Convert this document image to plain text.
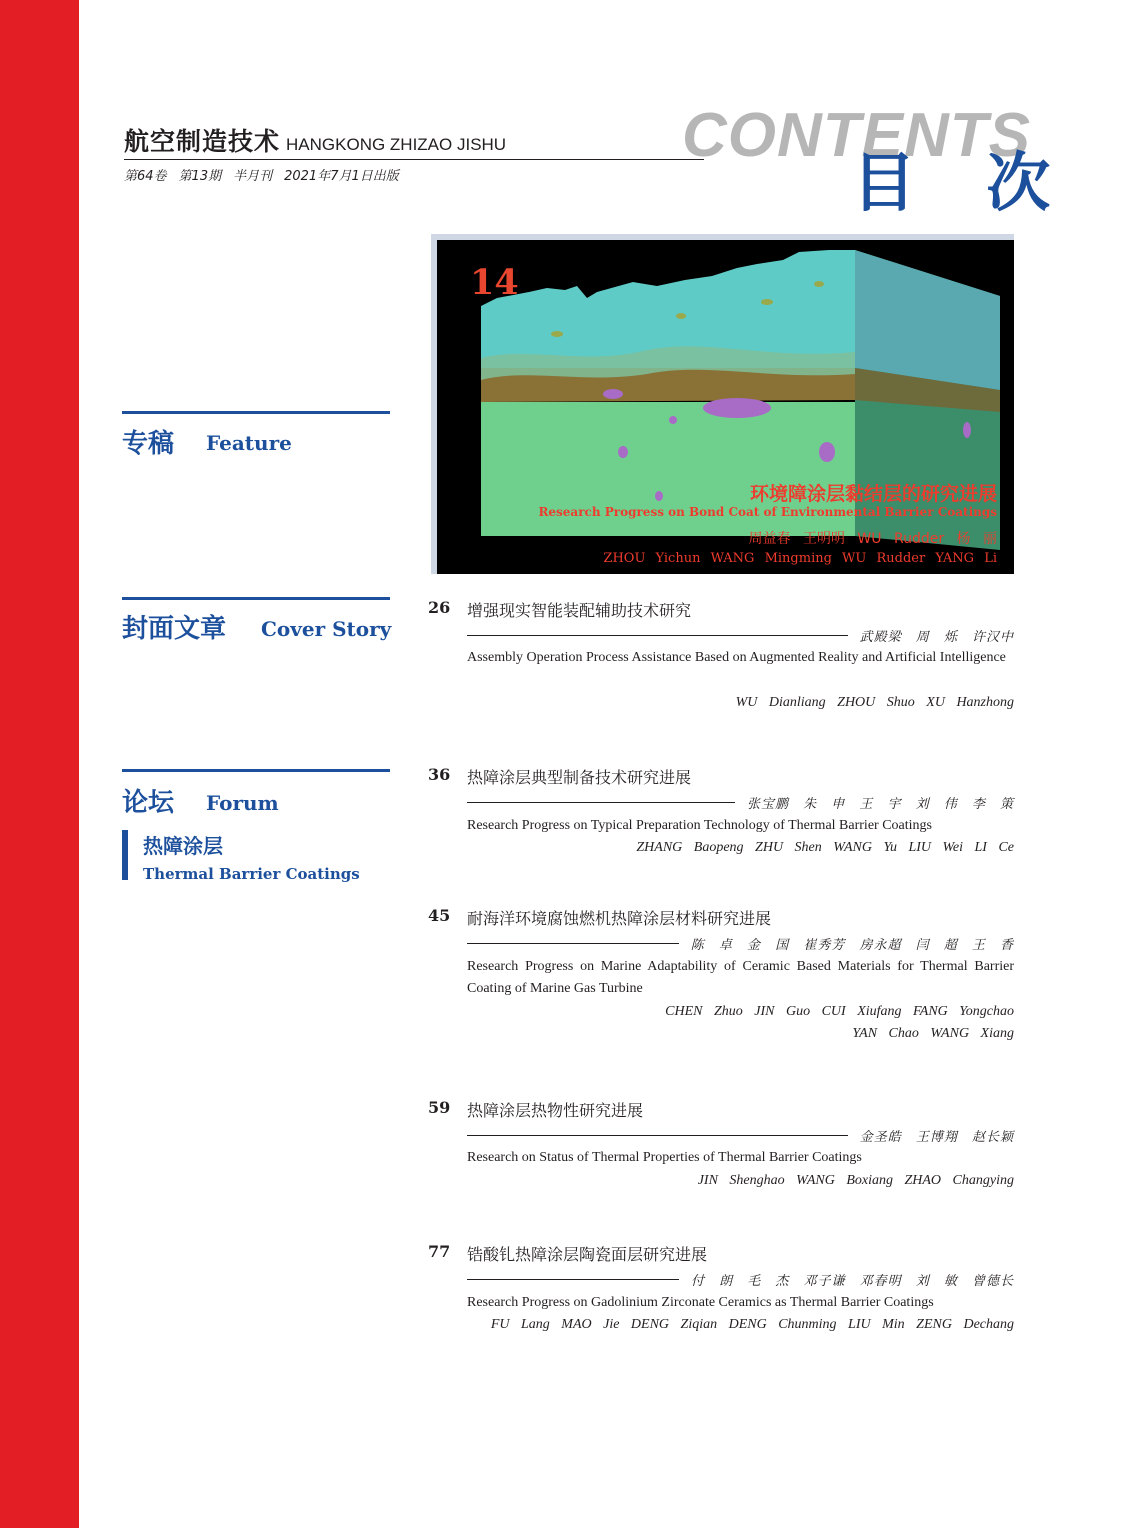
航空制造技术 HANGKONG ZHIZAO JISHU
第64卷 第13期 半月刊 2021年7月1日出版
CONTENTS
目 次
14
环境障涂层黏结层的研究进展
Research Progress on Bond Coat of Environmental Barrier Coatings
周益春 王明明 WU Rudder 杨 丽
ZHOU Yichun WANG Mingming WU Rudder YANG Li
专稿 Feature
封面文章 Cover Story
论坛 Forum
热障涂层
Thermal Barrier Coatings
26 增强现实智能装配辅助技术研究
武殿梁 周 烁 许汉中
Assembly Operation Process Assistance Based on Augmented Reality and Artificial Intelligence
WU Dianliang ZHOU Shuo XU Hanzhong
36 热障涂层典型制备技术研究进展
张宝鹏 朱 申 王 宇 刘 伟 李 策
Research Progress on Typical Preparation Technology of Thermal Barrier Coatings
ZHANG Baopeng ZHU Shen WANG Yu LIU Wei LI Ce
45 耐海洋环境腐蚀燃机热障涂层材料研究进展
陈 卓 金 国 崔秀芳 房永超 闫 超 王 香
Research Progress on Marine Adaptability of Ceramic Based Materials for Thermal Barrier Coating of Marine Gas Turbine
CHEN Zhuo JIN Guo CUI Xiufang FANG Yongchao
YAN Chao WANG Xiang
59 热障涂层热物性研究进展
金圣皓 王博翔 赵长颖
Research on Status of Thermal Properties of Thermal Barrier Coatings
JIN Shenghao WANG Boxiang ZHAO Changying
77 锆酸钆热障涂层陶瓷面层研究进展
付 朗 毛 杰 邓子谦 邓春明 刘 敏 曾德长
Research Progress on Gadolinium Zirconate Ceramics as Thermal Barrier Coatings
FU Lang MAO Jie DENG Ziqian DENG Chunming LIU Min ZENG Dechang
